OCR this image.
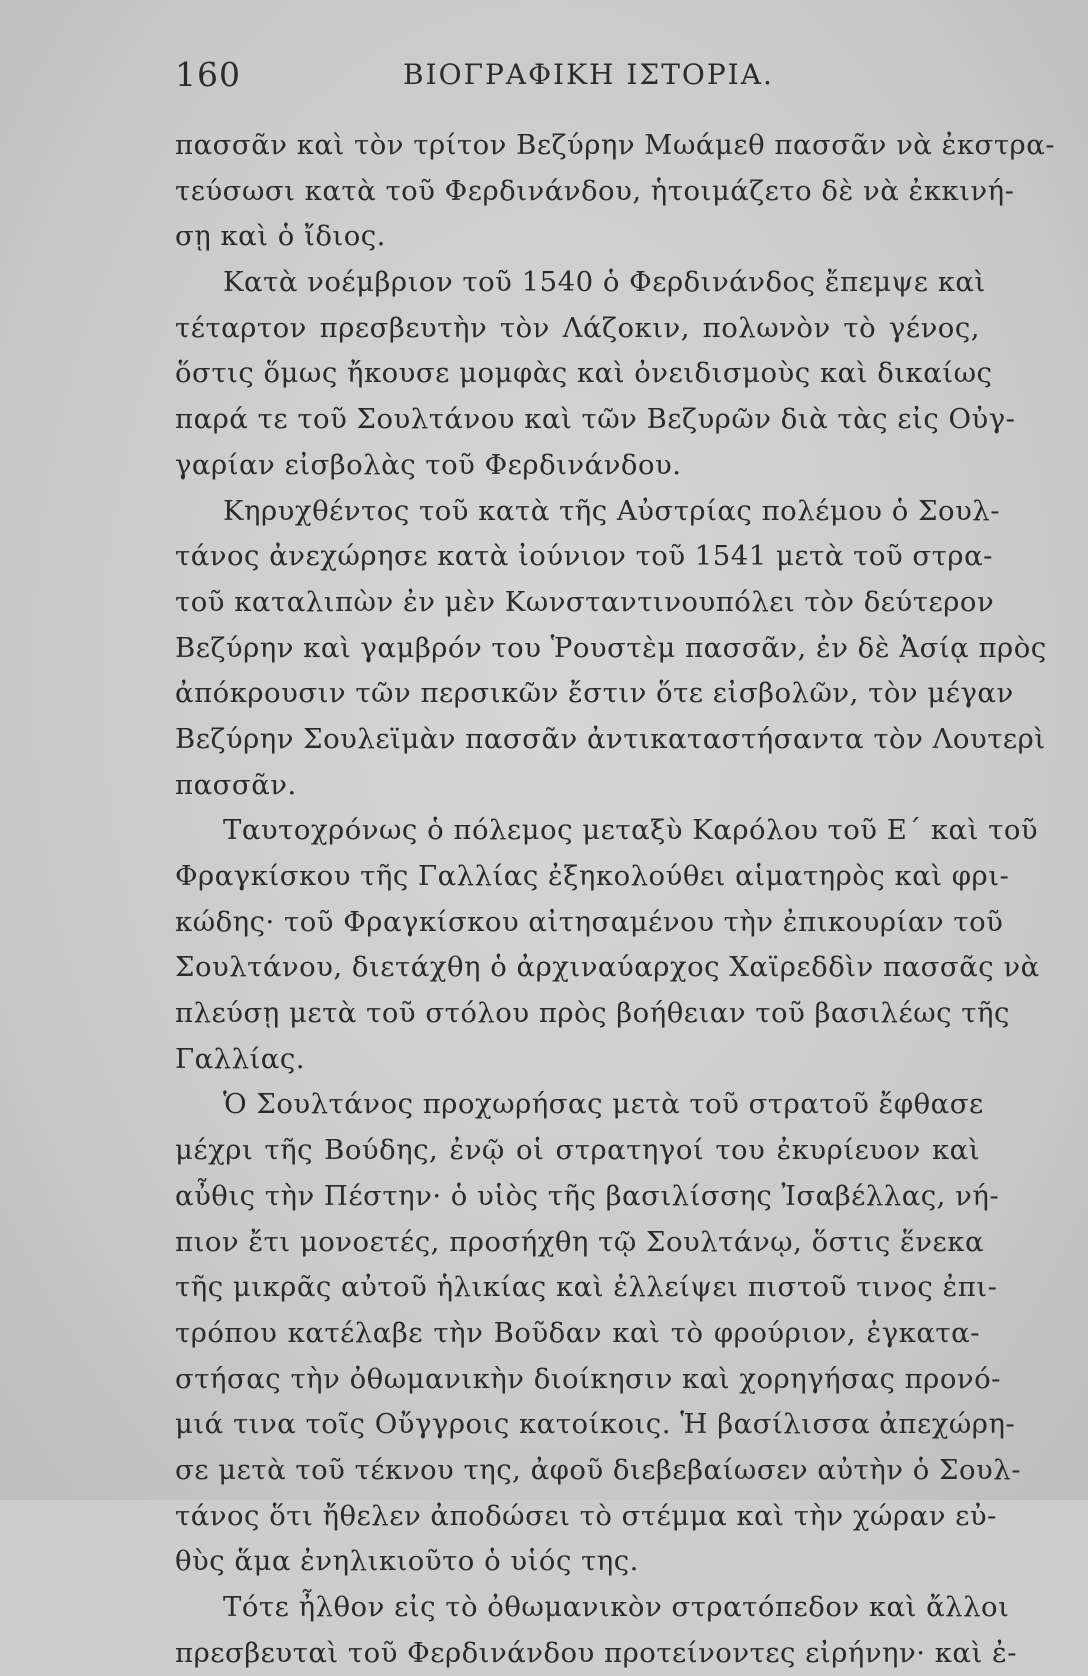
160	ΒΙΟΓΡΑΦΙΚΗ ΙΣΤΟΡΙΑ.
πασσᾶν καὶ τὸν τρίτον Βεζύρην Μωάμεθ πασσᾶν νὰ ἐκστρα-
τεύσωσι κατὰ τοῦ Φερδινάνδου, ἡτοιμάζετο δὲ νὰ ἐκκινή-
σῃ καὶ ὁ ἴδιος.
Κατὰ νοέμβριον τοῦ 1540 ὁ Φερδινάνδος ἔπεμψε καὶ
τέταρτον πρεσβευτὴν τὸν Λάζοκιν, πολωνὸν τὸ γένος,
ὅστις ὅμως ἤκουσε μομφὰς καὶ ὀνειδισμοὺς καὶ δικαίως
παρά τε τοῦ Σουλτάνου καὶ τῶν Βεζυρῶν διὰ τὰς εἰς Οὐγ-
γαρίαν εἰσβολὰς τοῦ Φερδινάνδου.
Κηρυχθέντος τοῦ κατὰ τῆς Αὐστρίας πολέμου ὁ Σουλ-
τάνος ἀνεχώρησε κατὰ ἰούνιον τοῦ 1541 μετὰ τοῦ στρα-
τοῦ καταλιπὼν ἐν μὲν Κωνσταντινουπόλει τὸν δεύτερον
Βεζύρην καὶ γαμβρόν του Ῥουστὲμ πασσᾶν, ἐν δὲ Ἀσίᾳ πρὸς
ἀπόκρουσιν τῶν περσικῶν ἔστιν ὅτε εἰσβολῶν, τὸν μέγαν
Βεζύρην Σουλεϊμὰν πασσᾶν ἀντικαταστήσαντα τὸν Λουτερὶ
πασσᾶν.
Ταυτοχρόνως ὁ πόλεμος μεταξὺ Καρόλου τοῦ Ε΄ καὶ τοῦ
Φραγκίσκου τῆς Γαλλίας ἐξηκολούθει αἱματηρὸς καὶ φρι-
κώδης· τοῦ Φραγκίσκου αἰτησαμένου τὴν ἐπικουρίαν τοῦ
Σουλτάνου, διετάχθη ὁ ἀρχιναύαρχος Χαϊρεδδὶν πασσᾶς νὰ
πλεύσῃ μετὰ τοῦ στόλου πρὸς βοήθειαν τοῦ βασιλέως τῆς
Γαλλίας.
Ὁ Σουλτάνος προχωρήσας μετὰ τοῦ στρατοῦ ἔφθασε
μέχρι τῆς Βούδης, ἐνῷ οἱ στρατηγοί του ἐκυρίευον καὶ
αὖθις τὴν Πέστην· ὁ υἱὸς τῆς βασιλίσσης Ἰσαβέλλας, νή-
πιον ἔτι μονοετές, προσήχθη τῷ Σουλτάνῳ, ὅστις ἕνεκα
τῆς μικρᾶς αὐτοῦ ἡλικίας καὶ ἐλλείψει πιστοῦ τινος ἐπι-
τρόπου κατέλαβε τὴν Βοῦδαν καὶ τὸ φρούριον, ἐγκατα-
στήσας τὴν ὀθωμανικὴν διοίκησιν καὶ χορηγήσας προνό-
μιά τινα τοῖς Οὔγγροις κατοίκοις. Ἡ βασίλισσα ἀπεχώρη-
σε μετὰ τοῦ τέκνου της, ἀφοῦ διεβεβαίωσεν αὐτὴν ὁ Σουλ-
τάνος ὅτι ἤθελεν ἀποδώσει τὸ στέμμα καὶ τὴν χώραν εὐ-
θὺς ἅμα ἐνηλικιοῦτο ὁ υἱός της.
Τότε ἦλθον εἰς τὸ ὀθωμανικὸν στρατόπεδον καὶ ἄλλοι
πρεσβευταὶ τοῦ Φερδινάνδου προτείνοντες εἰρήνην· καὶ ἐ-
